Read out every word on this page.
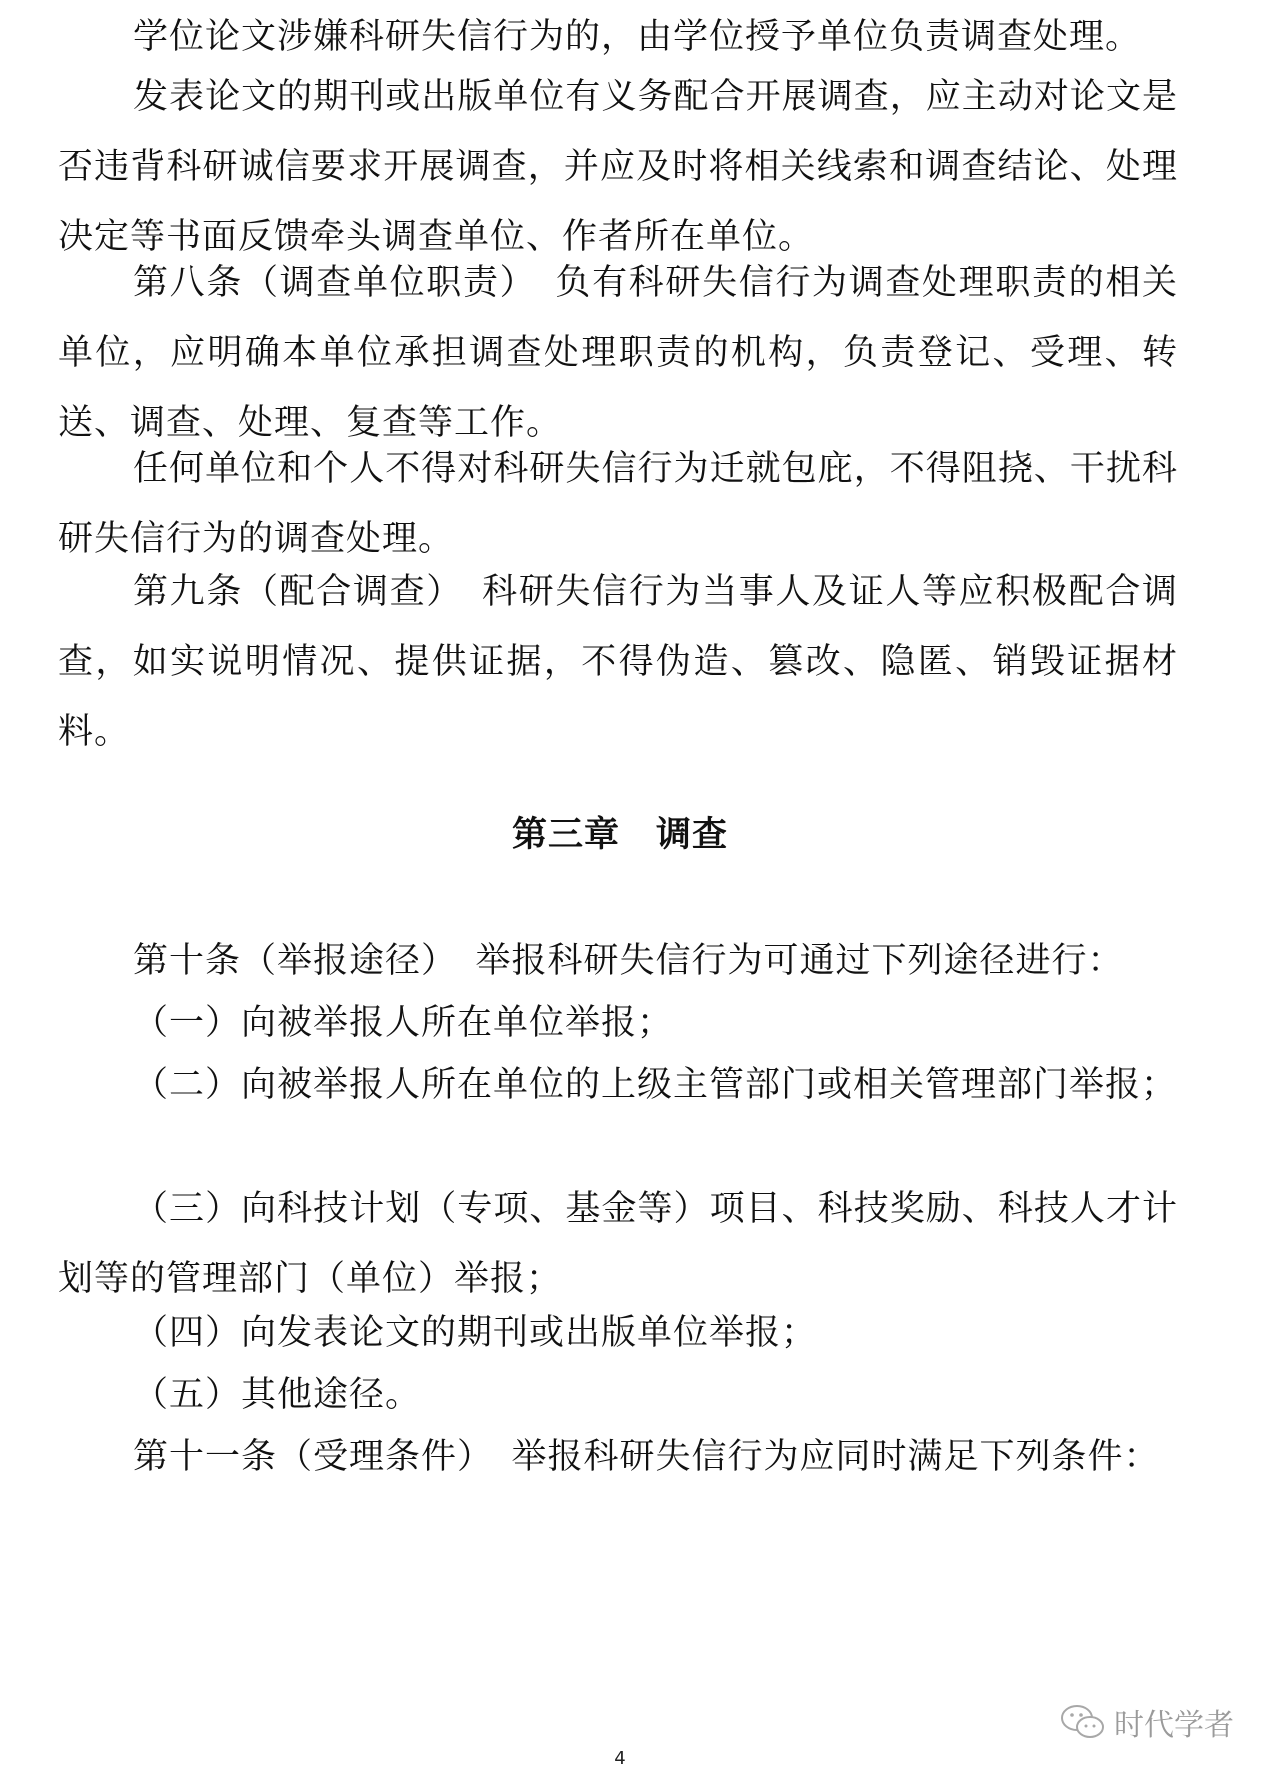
学位论文涉嫌科研失信行为的，由学位授予单位负责调查处理。

发表论文的期刊或出版单位有义务配合开展调查，应主动对论文是否违背科研诚信要求开展调查，并应及时将相关线索和调查结论、处理决定等书面反馈牵头调查单位、作者所在单位。

第八条（调查单位职责）　负有科研失信行为调查处理职责的相关单位，应明确本单位承担调查处理职责的机构，负责登记、受理、转送、调查、处理、复查等工作。

任何单位和个人不得对科研失信行为迁就包庇，不得阻挠、干扰科研失信行为的调查处理。

第九条（配合调查）　科研失信行为当事人及证人等应积极配合调查，如实说明情况、提供证据，不得伪造、篡改、隐匿、销毁证据材料。

第三章　调查

第十条（举报途径）　举报科研失信行为可通过下列途径进行：

（一）向被举报人所在单位举报；

（二）向被举报人所在单位的上级主管部门或相关管理部门举报；

（三）向科技计划（专项、基金等）项目、科技奖励、科技人才计划等的管理部门（单位）举报；

（四）向发表论文的期刊或出版单位举报；

（五）其他途径。

第十一条（受理条件）　举报科研失信行为应同时满足下列条件：

4
时代学者
